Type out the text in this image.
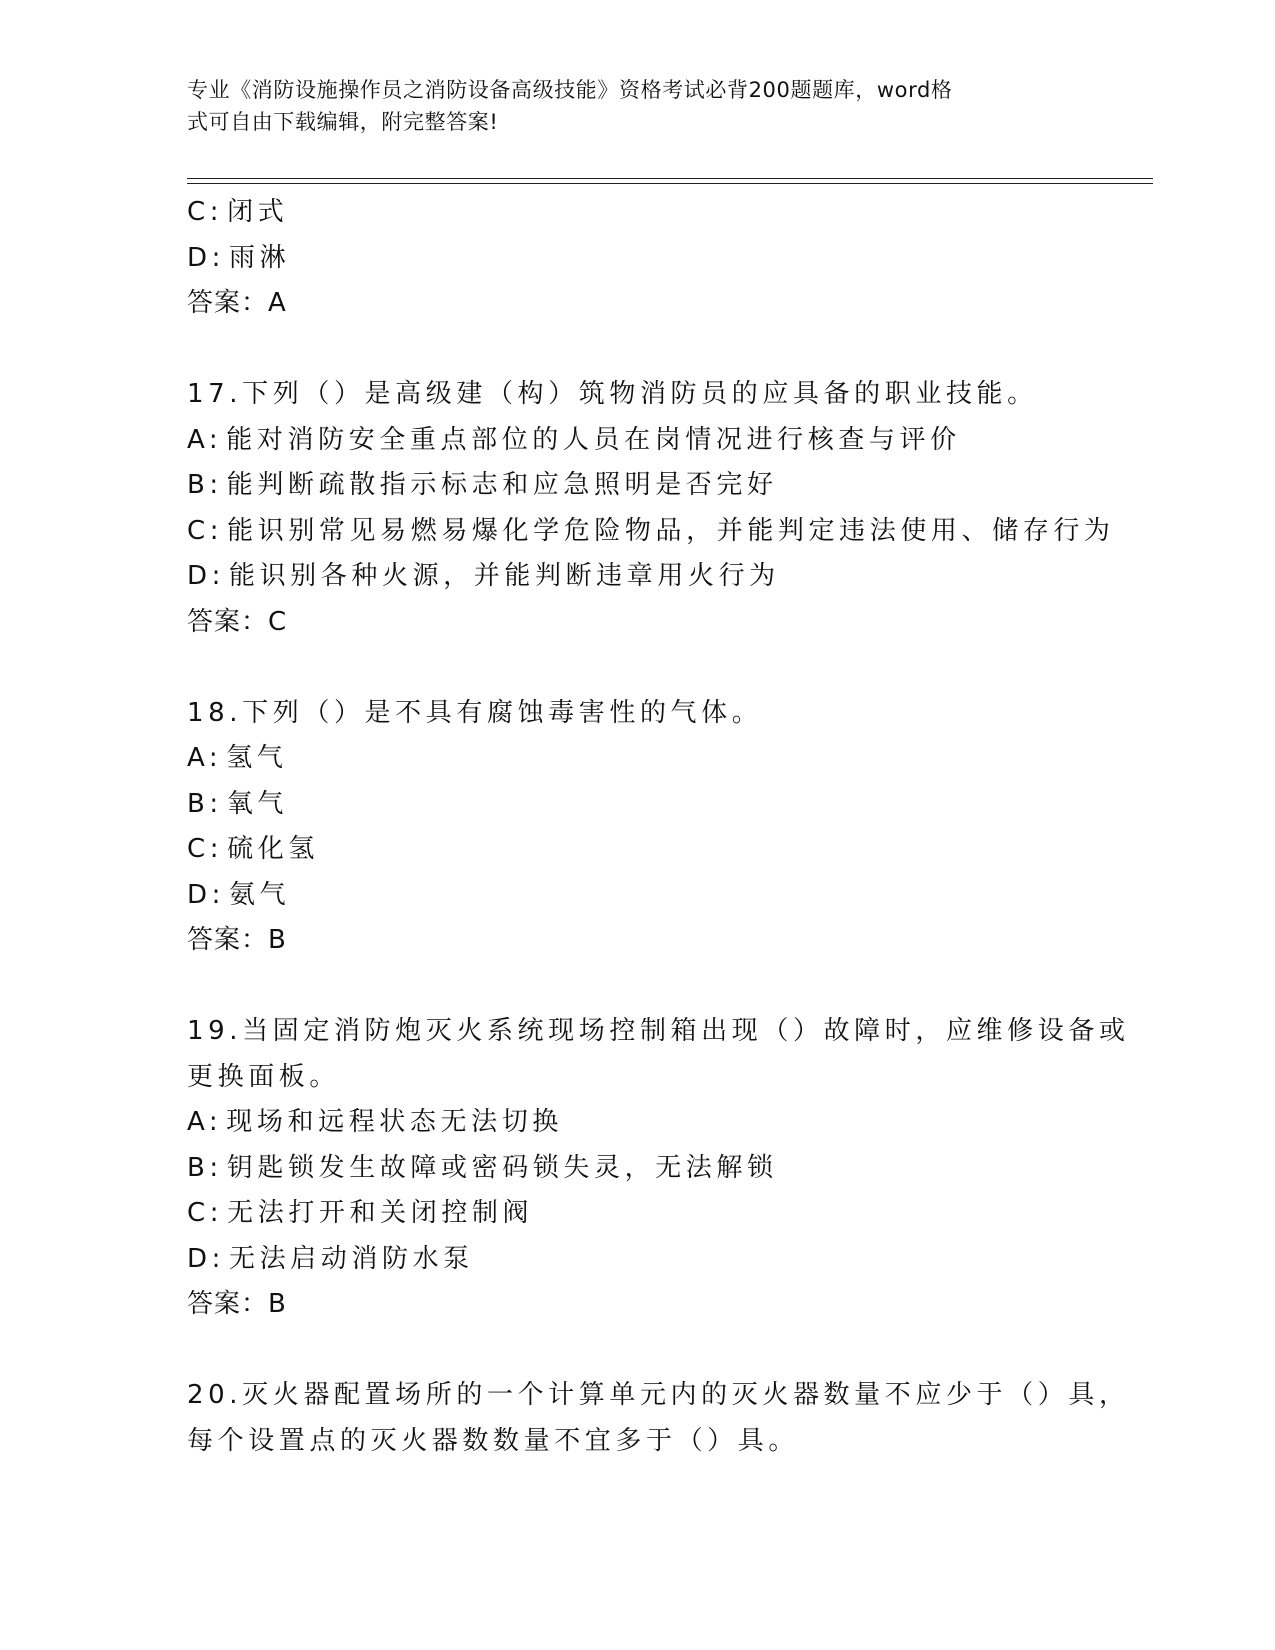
专业《消防设施操作员之消防设备高级技能》资格考试必背200题题库，word格
式可自由下载编辑，附完整答案!
C: 闭式
D: 雨淋
答案：A
17.下列（）是高级建（构）筑物消防员的应具备的职业技能。
A: 能对消防安全重点部位的人员在岗情况进行核查与评价
B: 能判断疏散指示标志和应急照明是否完好
C: 能识别常见易燃易爆化学危险物品，并能判定违法使用、储存行为
D: 能识别各种火源，并能判断违章用火行为
答案：C
18.下列（）是不具有腐蚀毒害性的气体。
A: 氢气
B: 氧气
C: 硫化氢
D: 氨气
答案：B
19.当固定消防炮灭火系统现场控制箱出现（）故障时，应维修设备或
更换面板。
A: 现场和远程状态无法切换
B: 钥匙锁发生故障或密码锁失灵，无法解锁
C: 无法打开和关闭控制阀
D: 无法启动消防水泵
答案：B
20.灭火器配置场所的一个计算单元内的灭火器数量不应少于（）具，
每个设置点的灭火器数数量不宜多于（）具。
